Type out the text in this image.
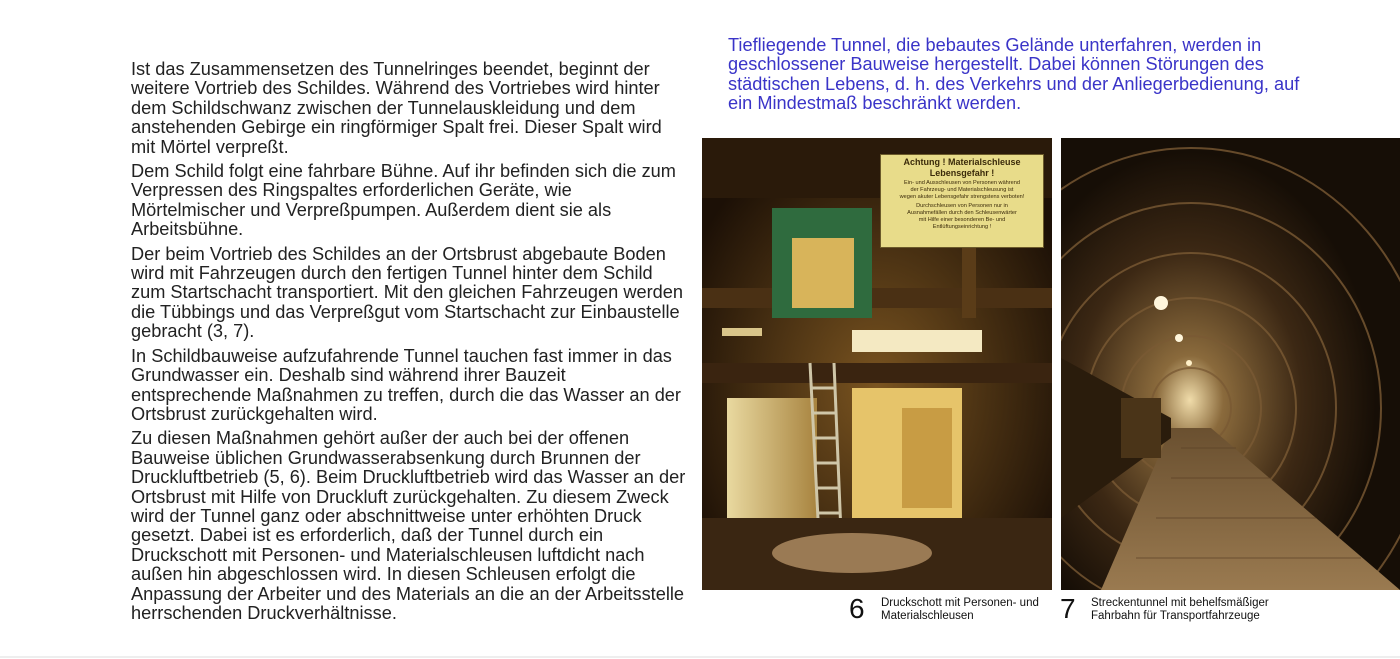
Ist das Zusammensetzen des Tunnelringes beendet, beginnt der weitere Vortrieb des Schildes. Während des Vortriebes wird hinter dem Schildschwanz zwischen der Tunnelauskleidung und dem anstehenden Gebirge ein ringförmiger Spalt frei. Dieser Spalt wird mit Mörtel verpreßt.

Dem Schild folgt eine fahrbare Bühne. Auf ihr befinden sich die zum Verpressen des Ringspaltes erforderlichen Geräte, wie Mörtelmischer und Verpreßpumpen. Außerdem dient sie als Arbeitsbühne.

Der beim Vortrieb des Schildes an der Ortsbrust abgebaute Boden wird mit Fahrzeugen durch den fertigen Tunnel hinter dem Schild zum Startschacht transportiert. Mit den gleichen Fahrzeugen werden die Tübbings und das Verpreßgut vom Startschacht zur Einbaustelle gebracht (3, 7).

In Schildbauweise aufzufahrende Tunnel tauchen fast immer in das Grundwasser ein. Deshalb sind während ihrer Bauzeit entsprechende Maßnahmen zu treffen, durch die das Wasser an der Ortsbrust zurückgehalten wird.

Zu diesen Maßnahmen gehört außer der auch bei der offenen Bauweise üblichen Grundwasserabsenkung durch Brunnen der Druckluftbetrieb (5, 6). Beim Druckluftbetrieb wird das Wasser an der Ortsbrust mit Hilfe von Druckluft zurückgehalten. Zu diesem Zweck wird der Tunnel ganz oder abschnittweise unter erhöhten Druck gesetzt. Dabei ist es erforderlich, daß der Tunnel durch ein Druckschott mit Personen- und Materialschleusen luftdicht nach außen hin abgeschlossen wird. In diesen Schleusen erfolgt die Anpassung der Arbeiter und des Materials an die an der Arbeitsstelle herrschenden Druckverhältnisse.

Tiefliegende Tunnel, die bebautes Gelände unterfahren, werden in geschlossener Bauweise hergestellt. Dabei können Störungen des städtischen Lebens, d. h. des Verkehrs und der Anliegerbedienung, auf ein Mindestmaß beschränkt werden.

Achtung ! Materialschleuse
Lebensgefahr !
Ein- und Ausschleusen von Personen während
der Fahrzeug- und Materialschleusung ist
wegen akuter Lebensgefahr strengstens verboten!
Durchschleusen von Personen nur in
Ausnahmefällen durch den Schleusenwärter
mit Hilfe einer besonderen Be- und
Entlüftungseinrichtung !
6 Druckschott mit Personen- und
Materialschleusen	7 Streckentunnel mit behelfsmäßiger
Fahrbahn für Transportfahrzeuge
